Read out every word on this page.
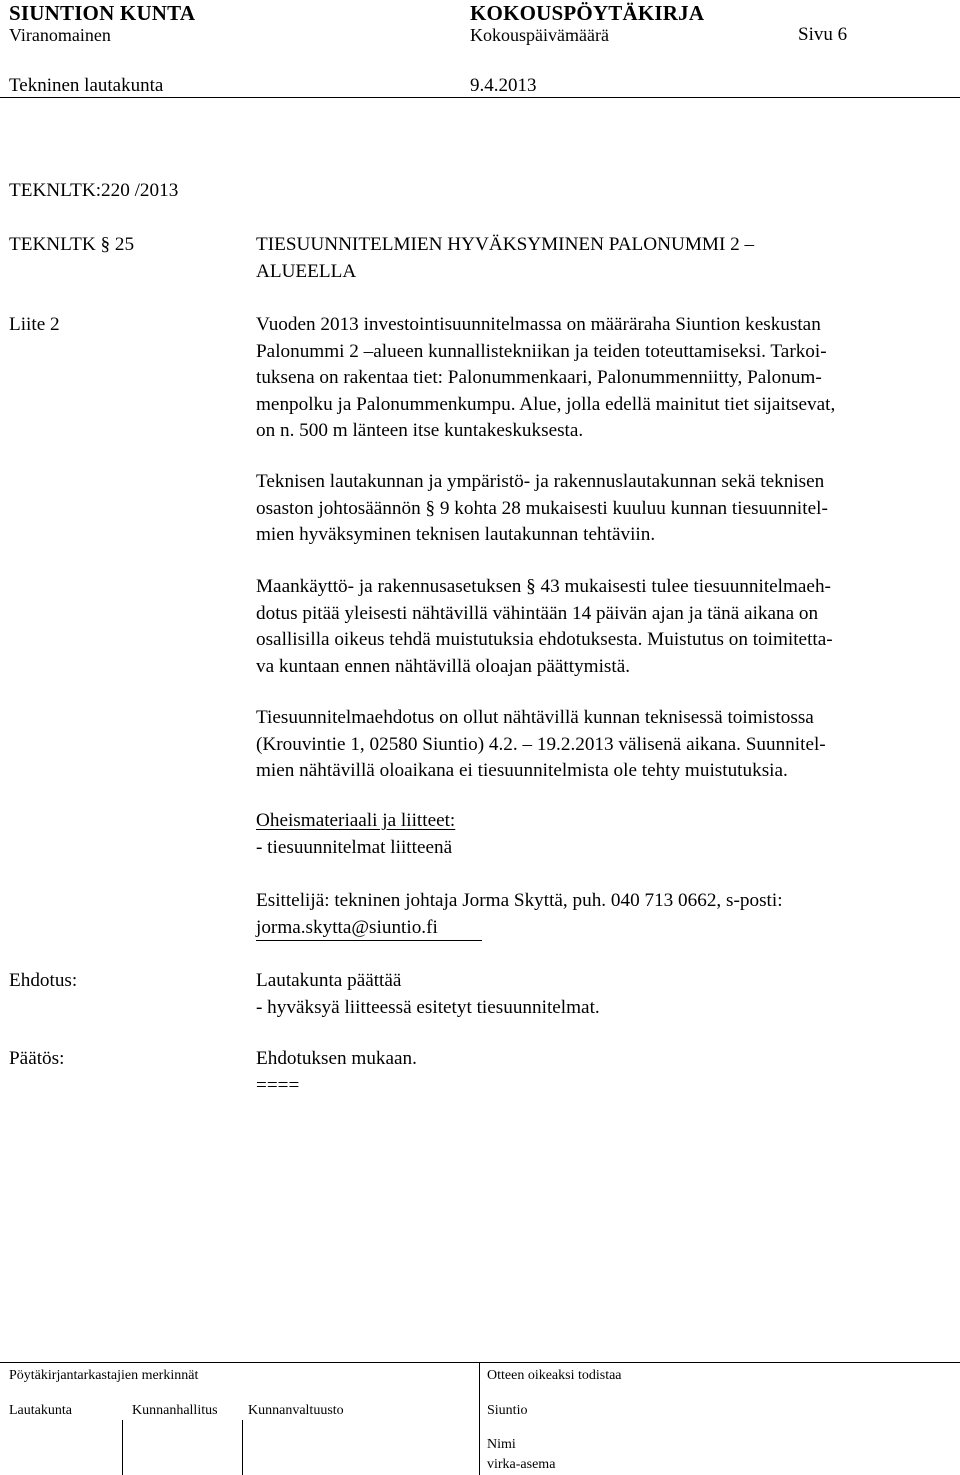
SIUNTION KUNTA	KOKOUSPÖYTÄKIRJA
Viranomainen	Kokouspäivämäärä	Sivu 6
Tekninen lautakunta	9.4.2013
TEKNLTK:220 /2013
TEKNLTK § 25	TIESUUNNITELMIEN HYVÄKSYMINEN PALONUMMI 2 –
ALUEELLA
Liite 2	Vuoden 2013 investointisuunnitelmassa on määräraha Siuntion keskustan
Palonummi 2 –alueen kunnallistekniikan ja teiden toteuttamiseksi. Tarkoi-
tuksena on rakentaa tiet: Palonummenkaari, Palonummenniitty, Palonum-
menpolku ja Palonummenkumpu. Alue, jolla edellä mainitut tiet sijaitsevat,
on n. 500 m länteen itse kuntakeskuksesta.
Teknisen lautakunnan ja ympäristö- ja rakennuslautakunnan sekä teknisen
osaston johtosäännön § 9 kohta 28 mukaisesti kuuluu kunnan tiesuunnitel-
mien hyväksyminen teknisen lautakunnan tehtäviin.
Maankäyttö- ja rakennusasetuksen § 43 mukaisesti tulee tiesuunnitelmaeh-
dotus pitää yleisesti nähtävillä vähintään 14 päivän ajan ja tänä aikana on
osallisilla oikeus tehdä muistutuksia ehdotuksesta. Muistutus on toimitetta-
va kuntaan ennen nähtävillä oloajan päättymistä.
Tiesuunnitelmaehdotus on ollut nähtävillä kunnan teknisessä toimistossa
(Krouvintie 1, 02580 Siuntio) 4.2. – 19.2.2013 välisenä aikana. Suunnitel-
mien nähtävillä oloaikana ei tiesuunnitelmista ole tehty muistutuksia.
Oheismateriaali ja liitteet:
- tiesuunnitelmat liitteenä
Esittelijä: tekninen johtaja Jorma Skyttä, puh. 040 713 0662, s-posti:
jorma.skytta@siuntio.fi
Ehdotus:	Lautakunta päättää
- hyväksyä liitteessä esitetyt tiesuunnitelmat.
Päätös:	Ehdotuksen mukaan.
====
Pöytäkirjantarkastajien merkinnät	Otteen oikeaksi todistaa
Lautakunta	Kunnanhallitus Kunnanvaltuusto	Siuntio
Nimi
virka-asema
